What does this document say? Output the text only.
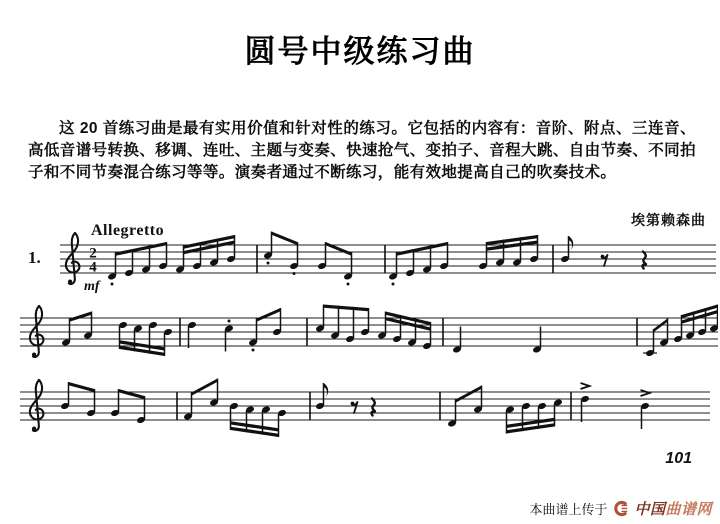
圆号中级练习曲

这 20 首练习曲是最有实用价值和针对性的练习。它包括的内容有：音阶、附点、三连音、高低音谱号转换、移调、连吐、主题与变奏、快速抢气、变拍子、音程大跳、自由节奏、不同拍子和不同节奏混合练习等等。演奏者通过不断练习，能有效地提高自己的吹奏技术。

埃第赖森曲
Allegretto
1.	2
4
mf
101
本曲谱上传于 中国曲谱网
